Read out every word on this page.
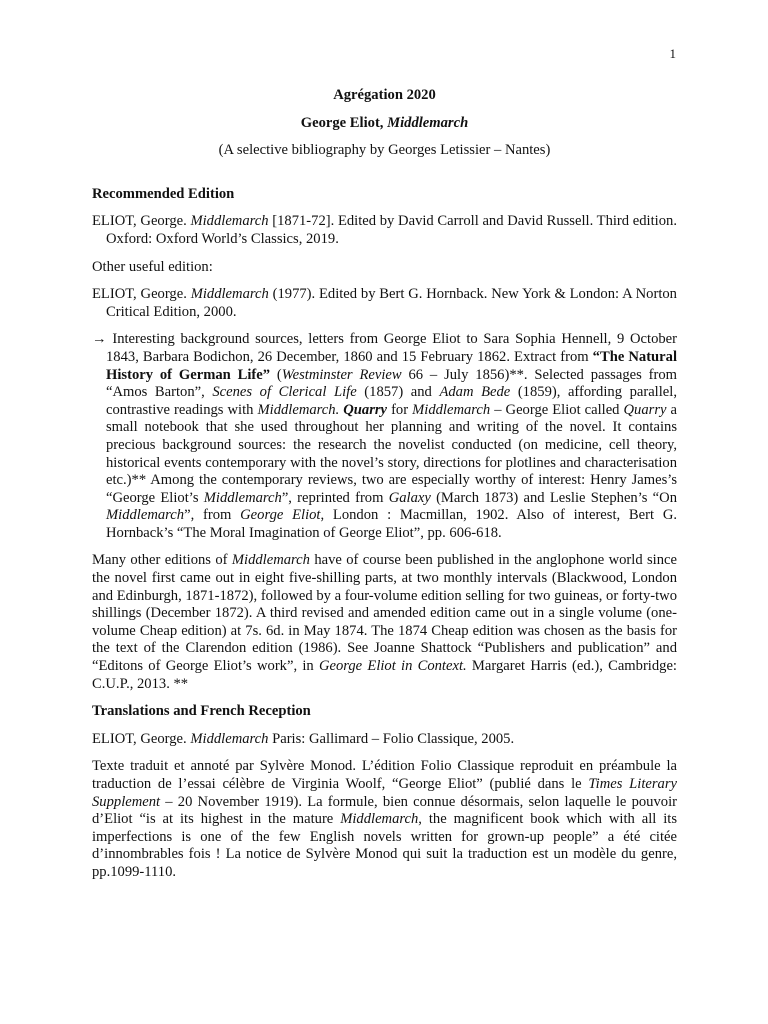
1
Agrégation 2020
George Eliot, Middlemarch
(A selective bibliography by Georges Letissier – Nantes)
Recommended Edition

ELIOT, George. Middlemarch [1871-72]. Edited by David Carroll and David Russell. Third edition. Oxford: Oxford World’s Classics, 2019.

Other useful edition:

ELIOT, George. Middlemarch (1977). Edited by Bert G. Hornback. New York & London: A Norton Critical Edition, 2000.

→ Interesting background sources, letters from George Eliot to Sara Sophia Hennell, 9 October 1843, Barbara Bodichon, 26 December, 1860 and 15 February 1862. Extract from “The Natural History of German Life” (Westminster Review 66 – July 1856)**. Selected passages from “Amos Barton”, Scenes of Clerical Life (1857) and Adam Bede (1859), affording parallel, contrastive readings with Middlemarch. Quarry for Middlemarch – George Eliot called Quarry a small notebook that she used throughout her planning and writing of the novel. It contains precious background sources: the research the novelist conducted (on medicine, cell theory, historical events contemporary with the novel’s story, directions for plotlines and characterisation etc.)** Among the contemporary reviews, two are especially worthy of interest: Henry James’s “George Eliot’s Middlemarch”, reprinted from Galaxy (March 1873) and Leslie Stephen’s “On Middlemarch”, from George Eliot, London : Macmillan, 1902. Also of interest, Bert G. Hornback’s “The Moral Imagination of George Eliot”, pp. 606-618.

Many other editions of Middlemarch have of course been published in the anglophone world since the novel first came out in eight five-shilling parts, at two monthly intervals (Blackwood, London and Edinburgh, 1871-1872), followed by a four-volume edition selling for two guineas, or forty-two shillings (December 1872). A third revised and amended edition came out in a single volume (one-volume Cheap edition) at 7s. 6d. in May 1874. The 1874 Cheap edition was chosen as the basis for the text of the Clarendon edition (1986). See Joanne Shattock “Publishers and publication” and “Editons of George Eliot’s work”, in George Eliot in Context. Margaret Harris (ed.), Cambridge: C.U.P., 2013. **

Translations and French Reception

ELIOT, George. Middlemarch Paris: Gallimard – Folio Classique, 2005.

Texte traduit et annoté par Sylvère Monod. L’édition Folio Classique reproduit en préambule la traduction de l’essai célèbre de Virginia Woolf, “George Eliot” (publié dans le Times Literary Supplement – 20 November 1919). La formule, bien connue désormais, selon laquelle le pouvoir d’Eliot “is at its highest in the mature Middlemarch, the magnificent book which with all its imperfections is one of the few English novels written for grown-up people” a été citée d’innombrables fois ! La notice de Sylvère Monod qui suit la traduction est un modèle du genre, pp.1099-1110.
